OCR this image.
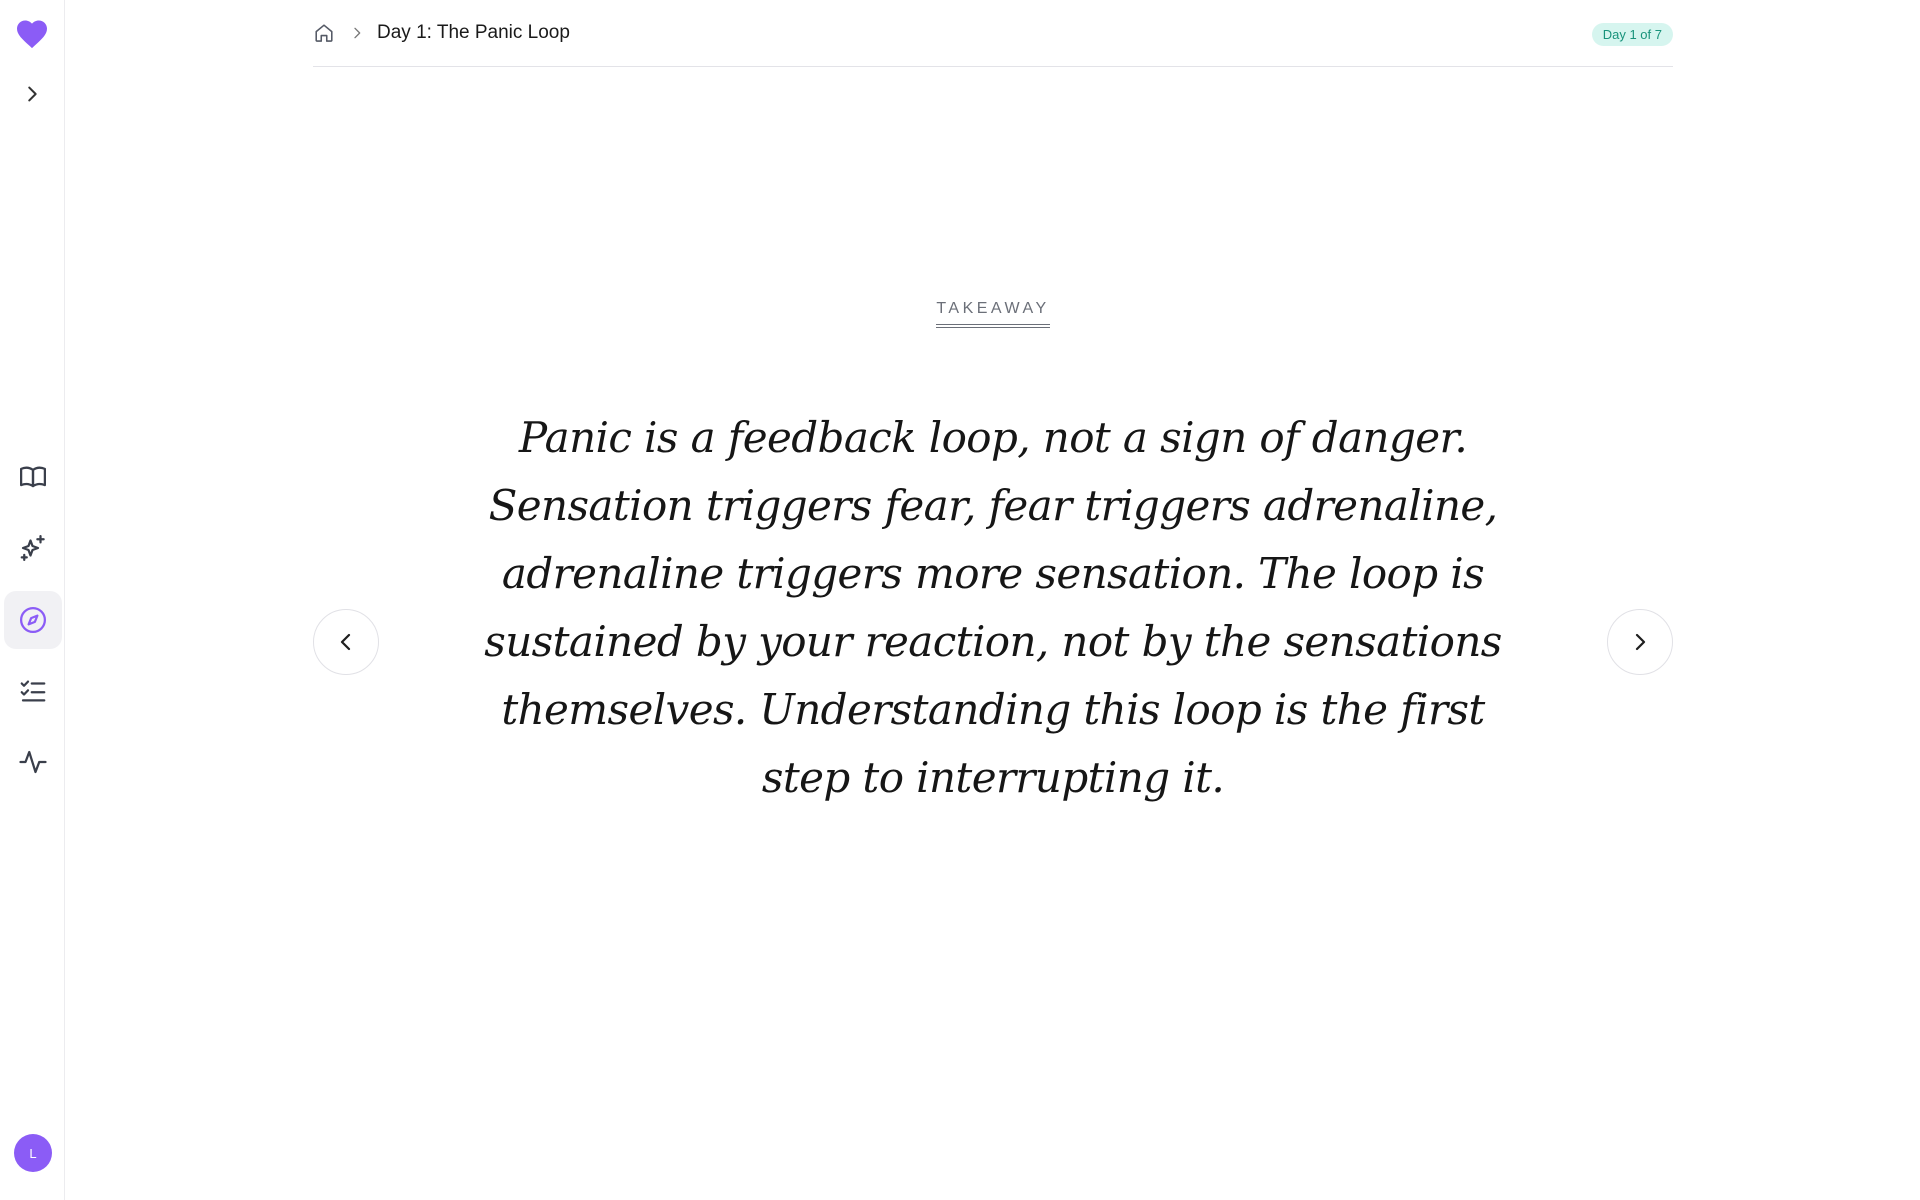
L
Day 1: The Panic Loop	Day 1 of 7
TAKEAWAY

Panic is a feedback loop, not a sign of danger. Sensation triggers fear, fear triggers adrenaline, adrenaline triggers more sensation. The loop is sustained by your reaction, not by the sensations themselves. Understanding this loop is the first step to interrupting it.
